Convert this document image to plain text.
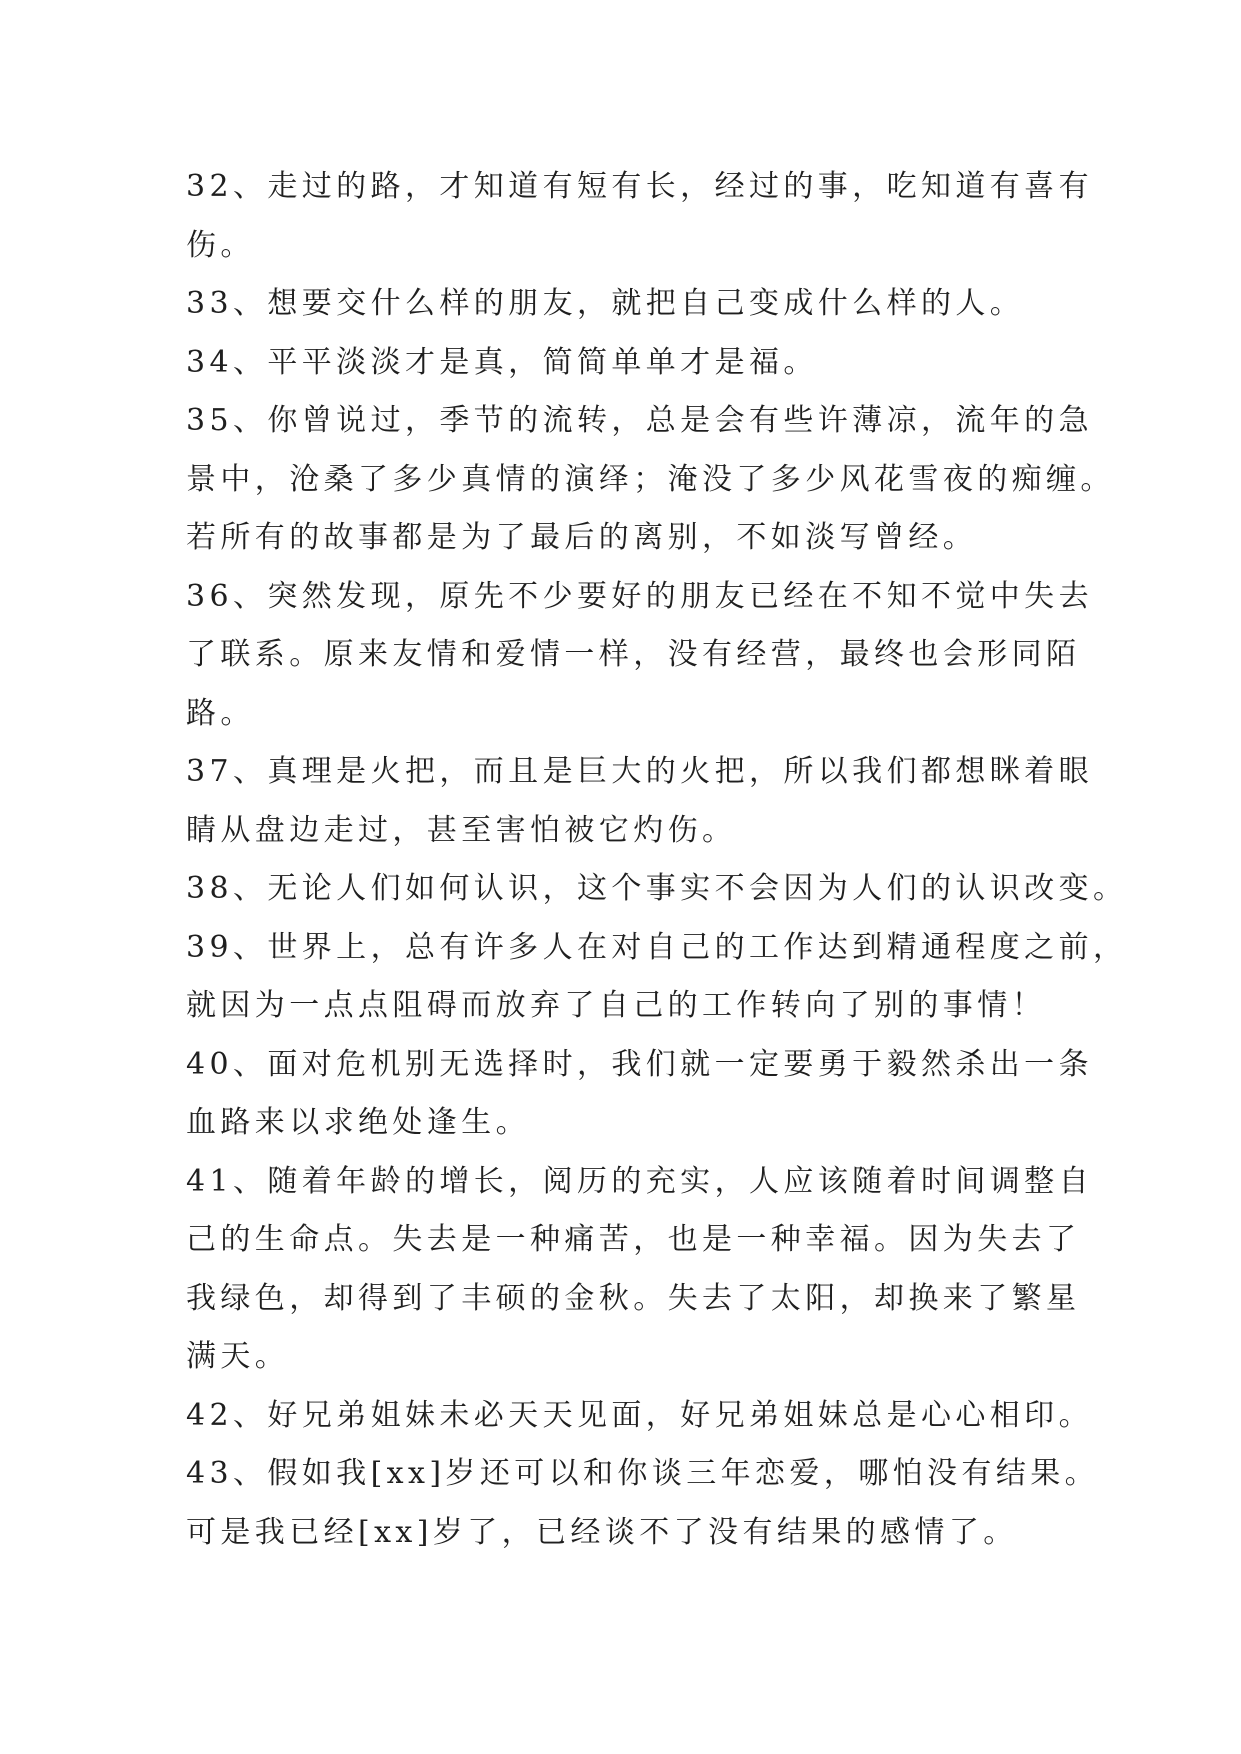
32、走过的路，才知道有短有长，经过的事，吃知道有喜有

伤。

33、想要交什么样的朋友，就把自己变成什么样的人。

34、平平淡淡才是真，简简单单才是福。

35、你曾说过，季节的流转，总是会有些许薄凉，流年的急

景中，沧桑了多少真情的演绎；淹没了多少风花雪夜的痴缠。

若所有的故事都是为了最后的离别，不如淡写曾经。

36、突然发现，原先不少要好的朋友已经在不知不觉中失去

了联系。原来友情和爱情一样，没有经营，最终也会形同陌

路。

37、真理是火把，而且是巨大的火把，所以我们都想眯着眼

睛从盘边走过，甚至害怕被它灼伤。

38、无论人们如何认识，这个事实不会因为人们的认识改变。

39、世界上，总有许多人在对自己的工作达到精通程度之前，

就因为一点点阻碍而放弃了自己的工作转向了别的事情！

40、面对危机别无选择时，我们就一定要勇于毅然杀出一条

血路来以求绝处逢生。

41、随着年龄的增长，阅历的充实，人应该随着时间调整自

己的生命点。失去是一种痛苦，也是一种幸福。因为失去了

我绿色，却得到了丰硕的金秋。失去了太阳，却换来了繁星

满天。

42、好兄弟姐妹未必天天见面，好兄弟姐妹总是心心相印。

43、假如我[xx]岁还可以和你谈三年恋爱，哪怕没有结果。

可是我已经[xx]岁了，已经谈不了没有结果的感情了。
